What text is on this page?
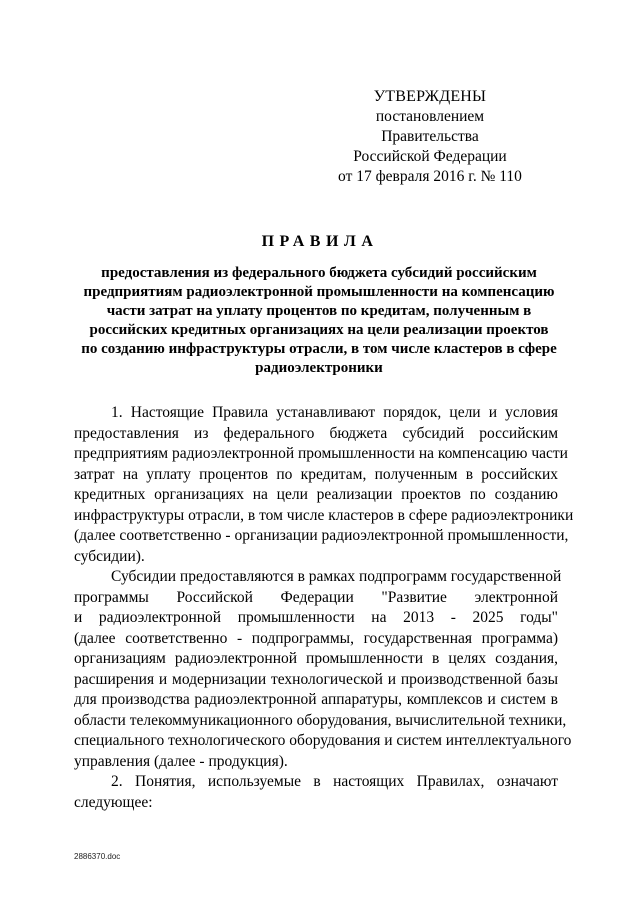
УТВЕРЖДЕНЫ
постановлением Правительства
Российской Федерации
от 17 февраля 2016 г. № 110
ПРАВИЛА
предоставления из федерального бюджета субсидий российским
предприятиям радиоэлектронной промышленности на компенсацию
части затрат на уплату процентов по кредитам, полученным в
российских кредитных организациях на цели реализации проектов
по созданию инфраструктуры отрасли, в том числе кластеров в сфере
радиоэлектроники
1. Настоящие Правила устанавливают порядок, цели и условия
предоставления из федерального бюджета субсидий российским
предприятиям радиоэлектронной промышленности на компенсацию части
затрат на уплату процентов по кредитам, полученным в российских
кредитных организациях на цели реализации проектов по созданию
инфраструктуры отрасли, в том числе кластеров в сфере радиоэлектроники
(далее соответственно - организации радиоэлектронной промышленности,
субсидии).
Субсидии предоставляются в рамках подпрограмм государственной
программы Российской Федерации "Развитие электронной
и радиоэлектронной промышленности на 2013 - 2025 годы"
(далее соответственно - подпрограммы, государственная программа)
организациям радиоэлектронной промышленности в целях создания,
расширения и модернизации технологической и производственной базы
для производства радиоэлектронной аппаратуры, комплексов и систем в
области телекоммуникационного оборудования, вычислительной техники,
специального технологического оборудования и систем интеллектуального
управления (далее - продукция).
2. Понятия, используемые в настоящих Правилах, означают
следующее:
2886370.doc
